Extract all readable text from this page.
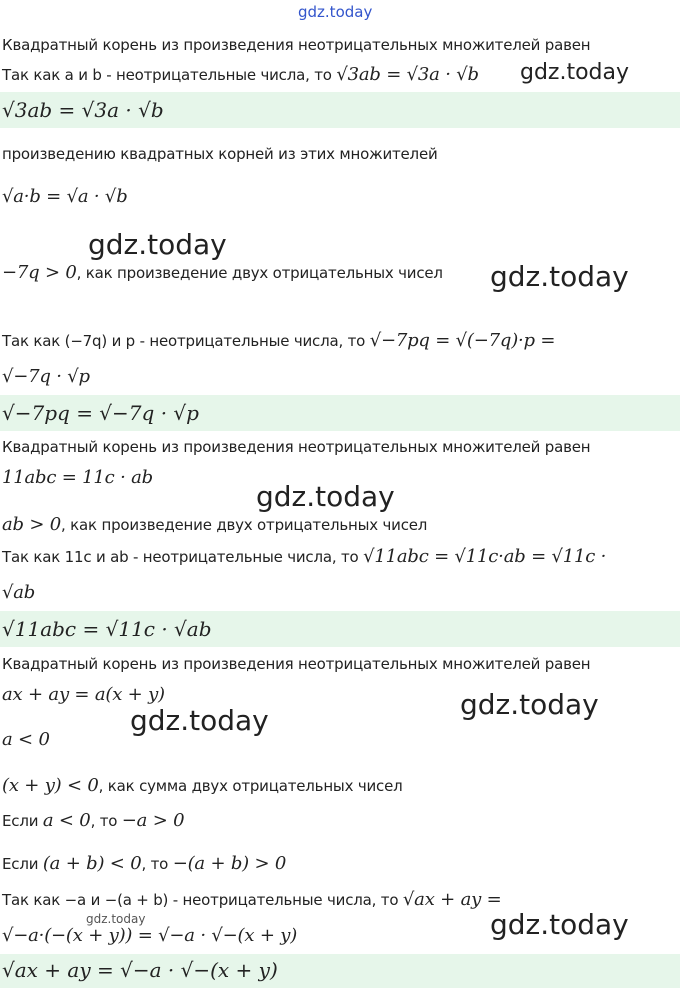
gdz.today
gdz.today
gdz.today
gdz.today
gdz.today
gdz.today
gdz.today
gdz.today	gdz.today
Квадратный корень из произведения неотрицательных множителей равен
Так как a и b - неотрицательные числа, то √3ab = √3a · √b
√3ab = √3a · √b
произведению квадратных корней из этих множителей
√a·b = √a · √b
−7q > 0, как произведение двух отрицательных чисел
Так как (−7q) и p - неотрицательные числа, то √−7pq = √(−7q)·p =
√−7q · √p
√−7pq = √−7q · √p
Квадратный корень из произведения неотрицательных множителей равен
11abc = 11c · ab
ab > 0, как произведение двух отрицательных чисел
Так как 11c и ab - неотрицательные числа, то √11abc = √11c·ab = √11c ·
√ab
√11abc = √11c · √ab
Квадратный корень из произведения неотрицательных множителей равен
ax + ay = a(x + y)
a < 0
(x + y) < 0, как сумма двух отрицательных чисел
Если a < 0, то −a > 0
Если (a + b) < 0, то −(a + b) > 0
Так как −a и −(a + b) - неотрицательные числа, то √ax + ay =
√−a·(−(x + y)) = √−a · √−(x + y)
√ax + ay = √−a · √−(x + y)
